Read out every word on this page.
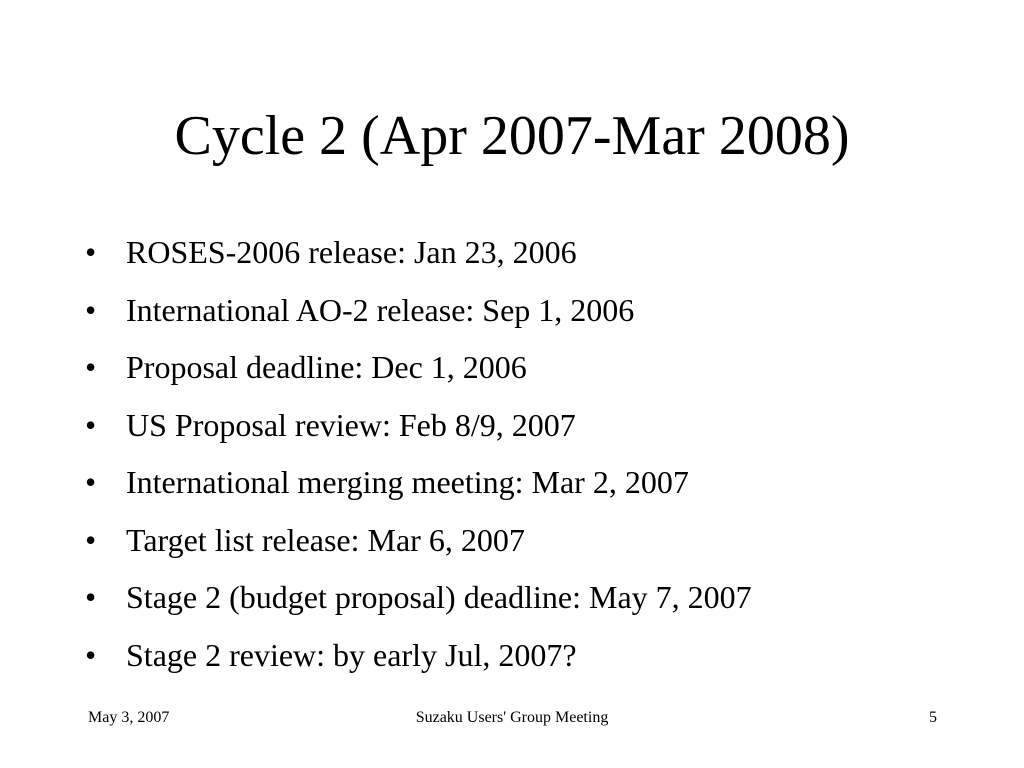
Cycle 2 (Apr 2007-Mar 2008)
• ROSES-2006 release: Jan 23, 2006
• International AO-2 release: Sep 1, 2006
• Proposal deadline: Dec 1, 2006
• US Proposal review: Feb 8/9, 2007
• International merging meeting: Mar 2, 2007
• Target list release: Mar 6, 2007
• Stage 2 (budget proposal) deadline: May 7, 2007
• Stage 2 review: by early Jul, 2007?
May 3, 2007	Suzaku Users' Group Meeting	5
